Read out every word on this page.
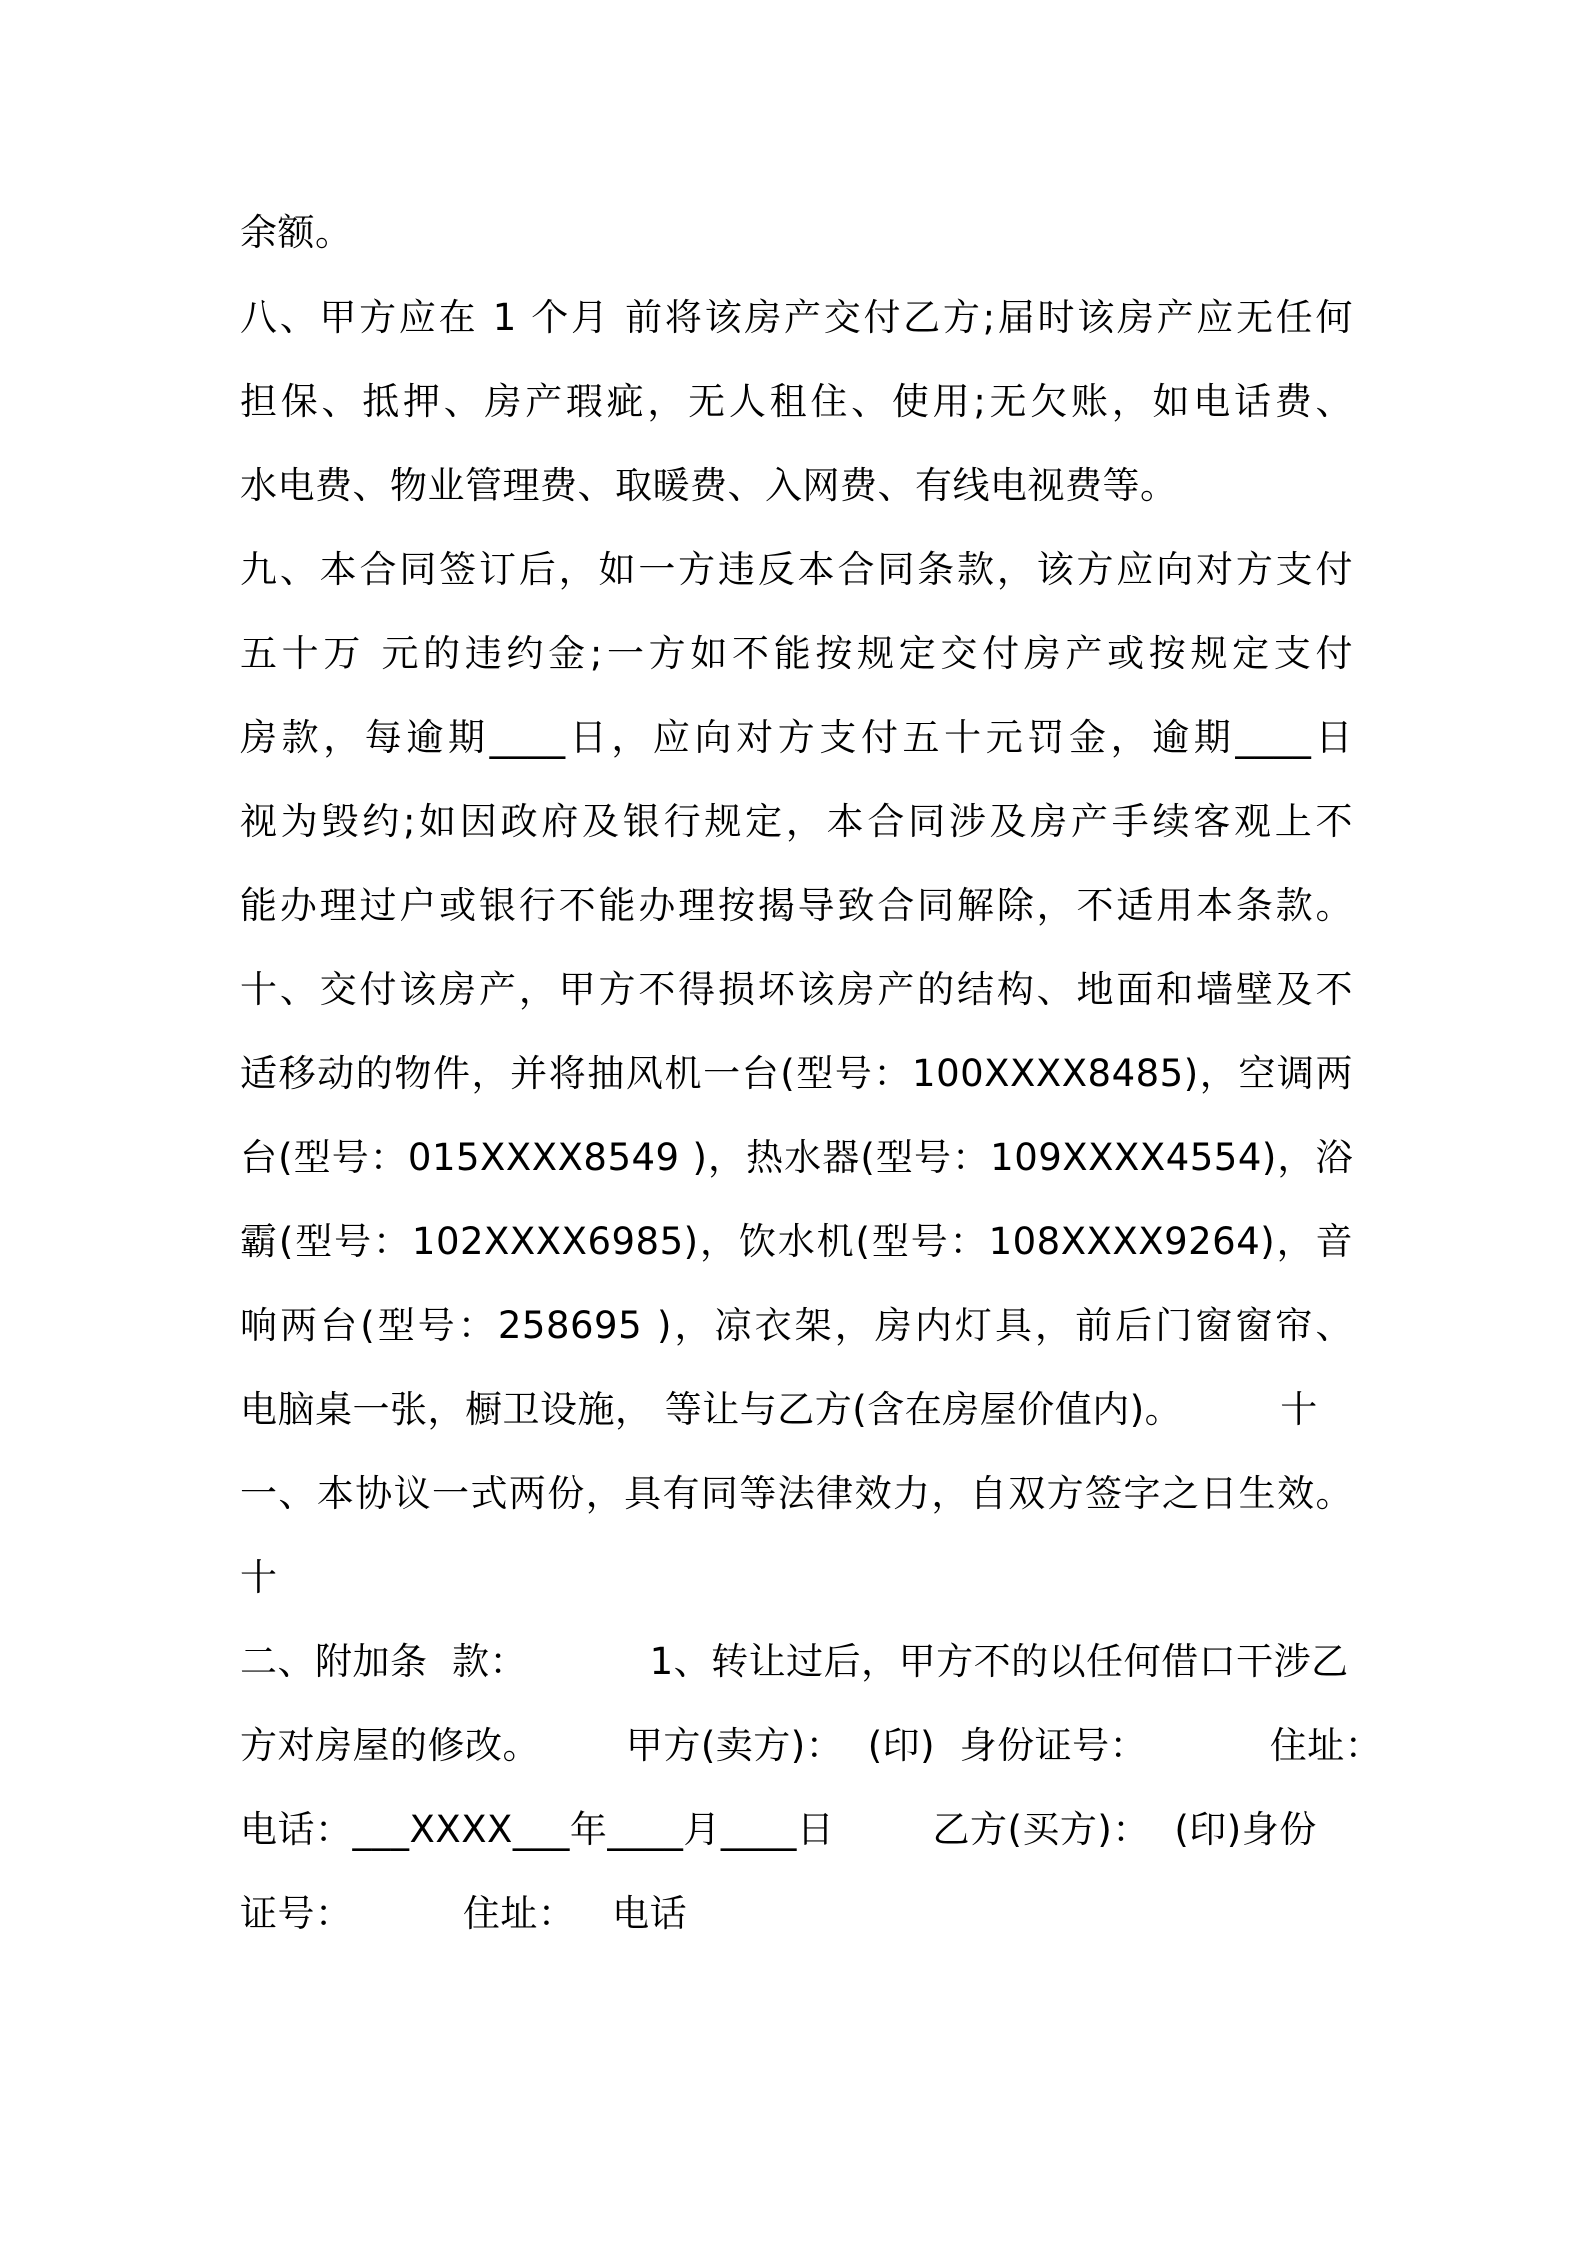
余额。
八、甲方应在 1 个月 前将该房产交付乙方;届时该房产应无任何
担保、抵押、房产瑕疵，无人租住、使用;无欠账，如电话费、
水电费、物业管理费、取暖费、入网费、有线电视费等。
九、本合同签订后，如一方违反本合同条款，该方应向对方支付
五十万 元的违约金;一方如不能按规定交付房产或按规定支付
房款，每逾期____日，应向对方支付五十元罚金，逾期____日
视为毁约;如因政府及银行规定，本合同涉及房产手续客观上不
能办理过户或银行不能办理按揭导致合同解除，不适用本条款。
十、交付该房产，甲方不得损坏该房产的结构、地面和墙壁及不
适移动的物件，并将抽风机一台(型号：100XXXX8485)，空调两
台(型号：015XXXX8549 )，热水器(型号：109XXXX4554)，浴
霸(型号：102XXXX6985)，饮水机(型号：108XXXX9264)，音
响两台(型号：258695 )，凉衣架，房内灯具，前后门窗窗帘、
电脑桌一张，橱卫设施， 等让与乙方(含在房屋价值内)。        十
一、本协议一式两份，具有同等法律效力，自双方签字之日生效。
十
二、附加条  款：          1、转让过后，甲方不的以任何借口干涉乙
方对房屋的修改。       甲方(卖方)：  (印)  身份证号：          住址：
电话：___XXXX___年____月____日        乙方(买方)：  (印)身份
证号：         住址：   电话
